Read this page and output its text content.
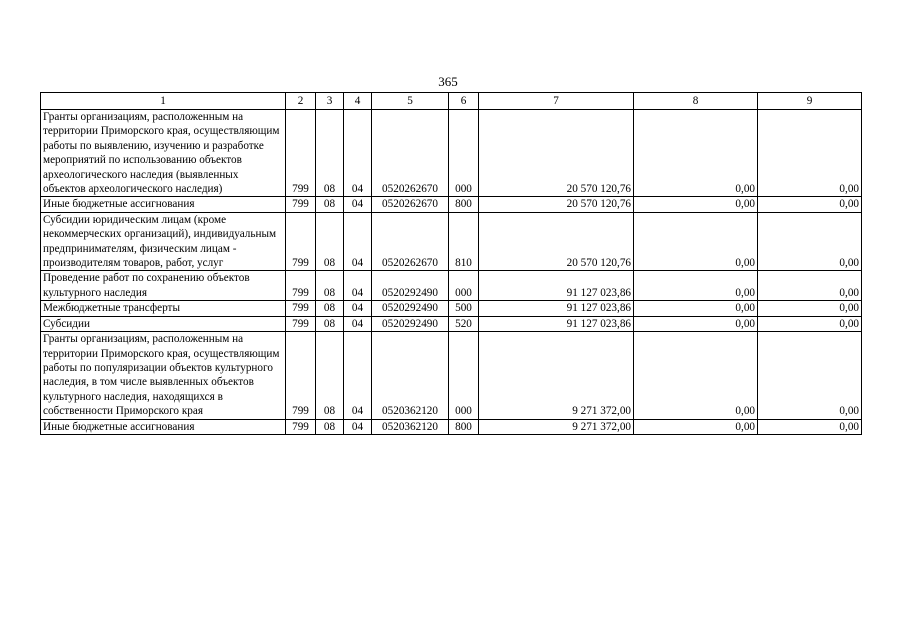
365
1	2	3	4	5	6	7	8	9
Гранты организациям, расположенным на территории Приморского края, осуществляющим работы по выявлению, изучению и разработке мероприятий по использованию объектов археологического наследия (выявленных объектов археологического наследия)	799	08	04	0520262670	000	20 570 120,76	0,00	0,00
Иные бюджетные ассигнования	799	08	04	0520262670	800	20 570 120,76	0,00	0,00
Субсидии юридическим лицам (кроме некоммерческих организаций), индивидуальным предпринимателям, физическим лицам - производителям товаров, работ, услуг	799	08	04	0520262670	810	20 570 120,76	0,00	0,00
Проведение работ по сохранению объектов культурного наследия	799	08	04	0520292490	000	91 127 023,86	0,00	0,00
Межбюджетные трансферты	799	08	04	0520292490	500	91 127 023,86	0,00	0,00
Субсидии	799	08	04	0520292490	520	91 127 023,86	0,00	0,00
Гранты организациям, расположенным на территории Приморского края, осуществляющим работы по популяризации объектов культурного наследия, в том числе выявленных объектов культурного наследия, находящихся в собственности Приморского края	799	08	04	0520362120	000	9 271 372,00	0,00	0,00
Иные бюджетные ассигнования	799	08	04	0520362120	800	9 271 372,00	0,00	0,00
